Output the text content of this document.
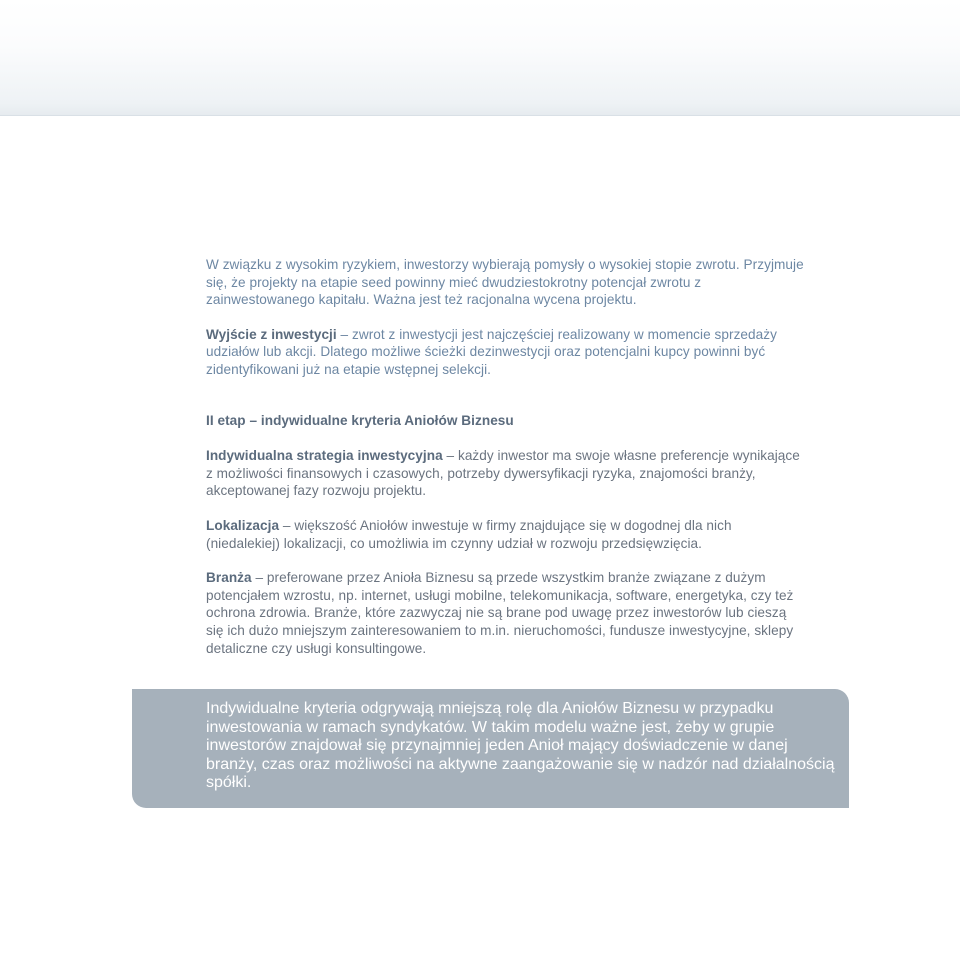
W związku z wysokim ryzykiem, inwestorzy wybierają pomysły o wysokiej stopie zwrotu. Przyjmuje się, że projekty na etapie seed powinny mieć dwudziestokrotny potencjał zwrotu z zainwestowanego kapitału. Ważna jest też racjonalna wycena projektu.

Wyjście z inwestycji – zwrot z inwestycji jest najczęściej realizowany w momencie sprzedaży udziałów lub akcji. Dlatego możliwe ścieżki dezinwestycji oraz potencjalni kupcy powinni być zidentyfikowani już na etapie wstępnej selekcji.

II etap – indywidualne kryteria Aniołów Biznesu

Indywidualna strategia inwestycyjna – każdy inwestor ma swoje własne preferencje wynikające z możliwości finansowych i czasowych, potrzeby dywersyfikacji ryzyka, znajomości branży, akceptowanej fazy rozwoju projektu.

Lokalizacja – większość Aniołów inwestuje w firmy znajdujące się w dogodnej dla nich (niedalekiej) lokalizacji, co umożliwia im czynny udział w rozwoju przedsięwzięcia.

Branża – preferowane przez Anioła Biznesu są przede wszystkim branże związane z dużym potencjałem wzrostu, np. internet, usługi mobilne, telekomunikacja, software, energetyka, czy też ochrona zdrowia. Branże, które zazwyczaj nie są brane pod uwagę przez inwestorów lub cieszą się ich dużo mniejszym zainteresowaniem to m.in. nieruchomości, fundusze inwestycyjne, sklepy detaliczne czy usługi konsultingowe.

Indywidualne kryteria odgrywają mniejszą rolę dla Aniołów Biznesu w przypadku inwestowania w ramach syndykatów. W takim modelu ważne jest, żeby w grupie inwestorów znajdował się przynajmniej jeden Anioł mający doświadczenie w danej branży, czas oraz możliwości na aktywne zaangażowanie się w nadzór nad działalnością spółki.
